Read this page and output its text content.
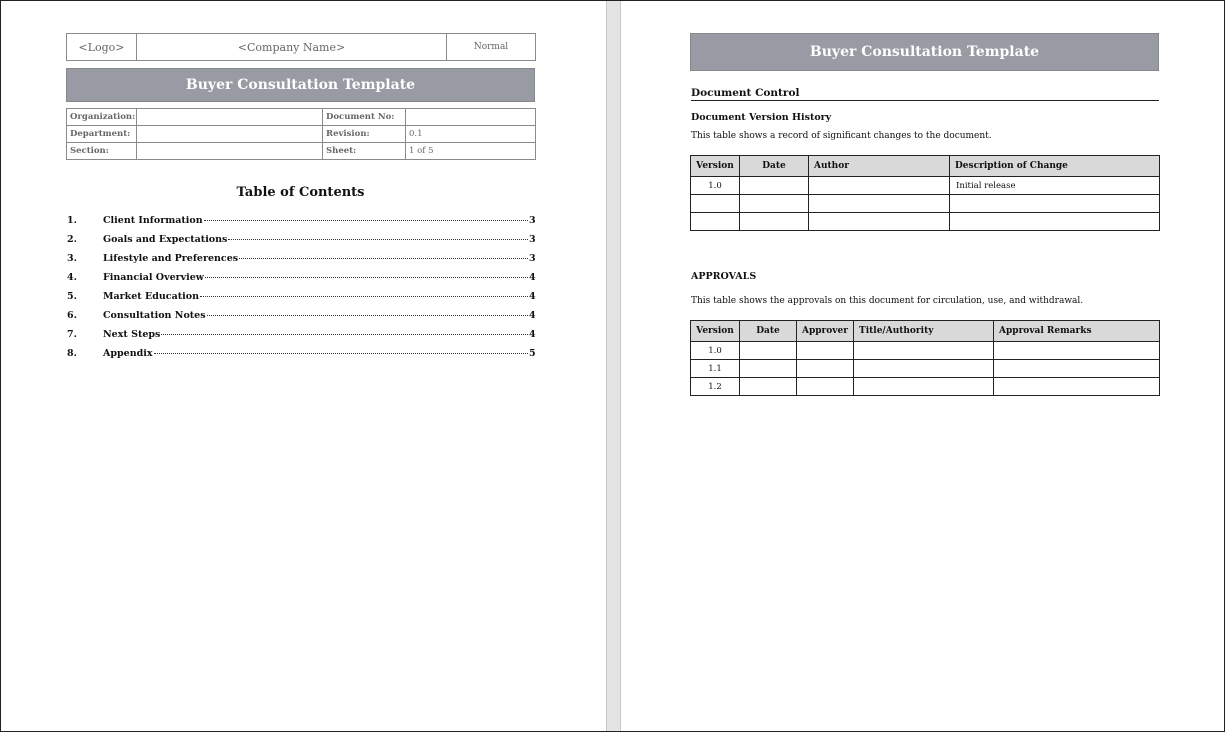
<Logo>	<Company Name>	Normal
Buyer Consultation Template
Organization:		Document No:	
Department:		Revision:	0.1
Section:		Sheet:	1 of 5
Table of Contents
1.	Client Information	3
2.	Goals and Expectations	3
3.	Lifestyle and Preferences	3
4.	Financial Overview	4
5.	Market Education	4
6.	Consultation Notes	4
7.	Next Steps	4
8.	Appendix	5
Buyer Consultation Template
Document Control
Document Version History
This table shows a record of significant changes to the document.
Version	Date	Author	Description of Change
1.0			Initial release

APPROVALS
This table shows the approvals on this document for circulation, use, and withdrawal.
Version	Date	Approver	Title/Authority	Approval Remarks
1.0				
1.1				
1.2				
